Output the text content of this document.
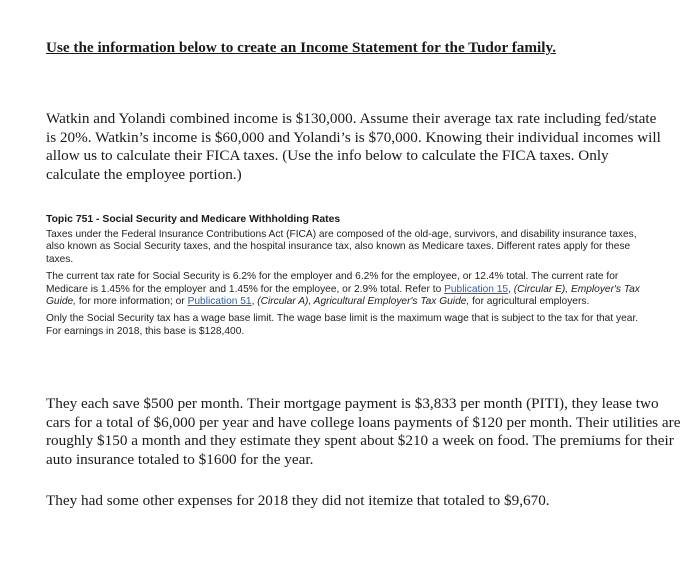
Use the information below to create an Income Statement for the Tudor family.

Watkin and Yolandi combined income is $130,000. Assume their average tax rate including fed/state is 20%. Watkin’s income is $60,000 and Yolandi’s is $70,000. Knowing their individual incomes will allow us to calculate their FICA taxes. (Use the info below to calculate the FICA taxes. Only calculate the employee portion.)

Topic 751 - Social Security and Medicare Withholding Rates

Taxes under the Federal Insurance Contributions Act (FICA) are composed of the old-age, survivors, and disability insurance taxes, also known as Social Security taxes, and the hospital insurance tax, also known as Medicare taxes. Different rates apply for these taxes.

The current tax rate for Social Security is 6.2% for the employer and 6.2% for the employee, or 12.4% total. The current rate for Medicare is 1.45% for the employer and 1.45% for the employee, or 2.9% total. Refer to Publication 15, (Circular E), Employer's Tax Guide, for more information; or Publication 51, (Circular A), Agricultural Employer's Tax Guide, for agricultural employers.

Only the Social Security tax has a wage base limit. The wage base limit is the maximum wage that is subject to the tax for that year. For earnings in 2018, this base is $128,400.

They each save $500 per month. Their mortgage payment is $3,833 per month (PITI), they lease two cars for a total of $6,000 per year and have college loans payments of $120 per month. Their utilities are roughly $150 a month and they estimate they spent about $210 a week on food. The premiums for their auto insurance totaled to $1600 for the year.

They had some other expenses for 2018 they did not itemize that totaled to $9,670.
